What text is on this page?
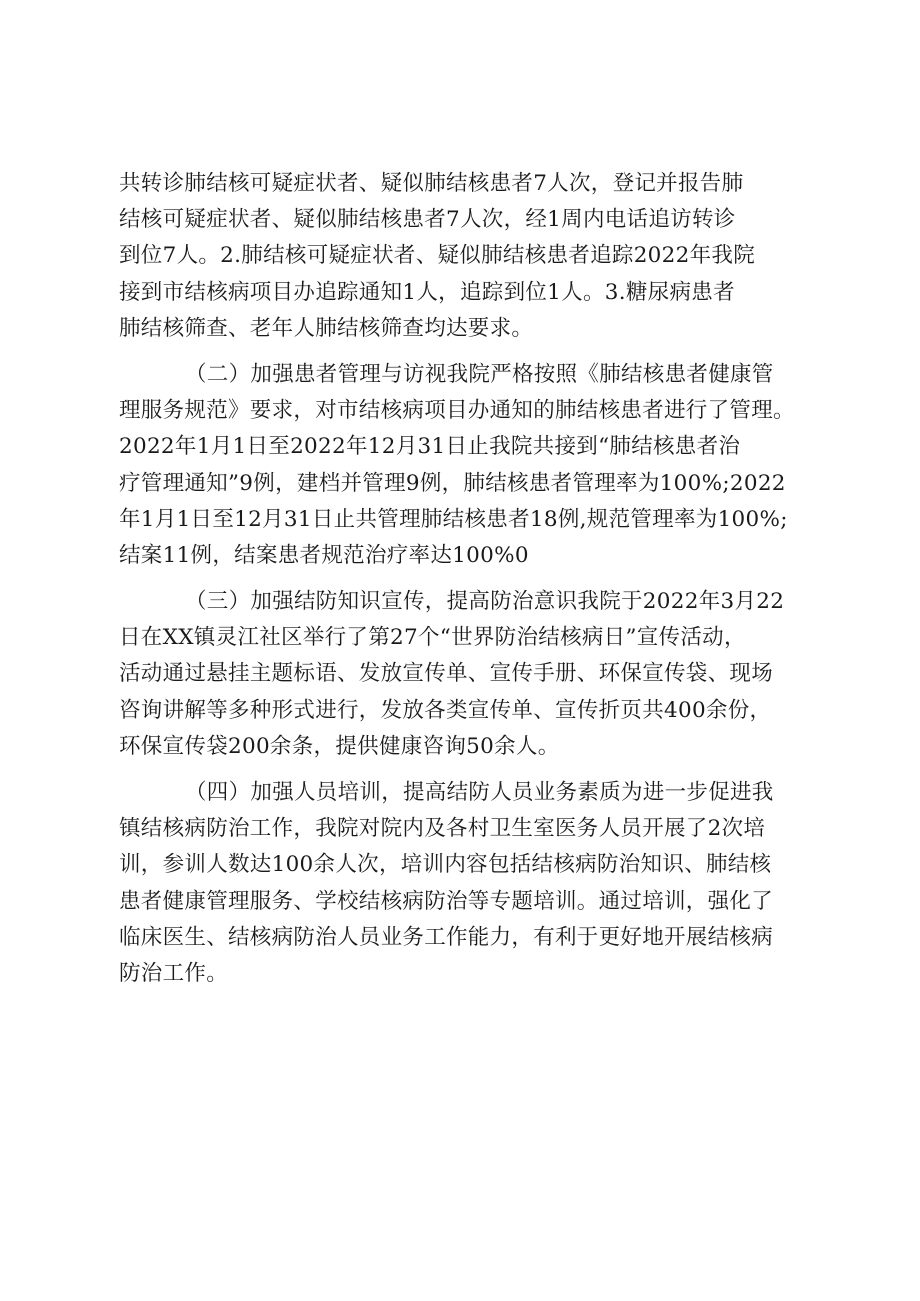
共转诊肺结核可疑症状者、疑似肺结核患者7人次，登记并报告肺
结核可疑症状者、疑似肺结核患者7人次，经1周内电话追访转诊
到位7人。2.肺结核可疑症状者、疑似肺结核患者追踪2022年我院
接到市结核病项目办追踪通知1人，追踪到位1人。3.糖尿病患者
肺结核筛查、老年人肺结核筛查均达要求。
（二）加强患者管理与访视我院严格按照《肺结核患者健康管
理服务规范》要求，对市结核病项目办通知的肺结核患者进行了管理。
2022年1月1日至2022年12月31日止我院共接到“肺结核患者治
疗管理通知”9例，建档并管理9例，肺结核患者管理率为100%;2022
年1月1日至12月31日止共管理肺结核患者18例,规范管理率为100%;
结案11例，结案患者规范治疗率达100%0
（三）加强结防知识宣传，提高防治意识我院于2022年3月22
日在XX镇灵江社区举行了第27个“世界防治结核病日”宣传活动，
活动通过悬挂主题标语、发放宣传单、宣传手册、环保宣传袋、现场
咨询讲解等多种形式进行，发放各类宣传单、宣传折页共400余份，
环保宣传袋200余条，提供健康咨询50余人。
（四）加强人员培训，提高结防人员业务素质为进一步促进我
镇结核病防治工作，我院对院内及各村卫生室医务人员开展了2次培
训，参训人数达100余人次，培训内容包括结核病防治知识、肺结核
患者健康管理服务、学校结核病防治等专题培训。通过培训，强化了
临床医生、结核病防治人员业务工作能力，有利于更好地开展结核病
防治工作。
